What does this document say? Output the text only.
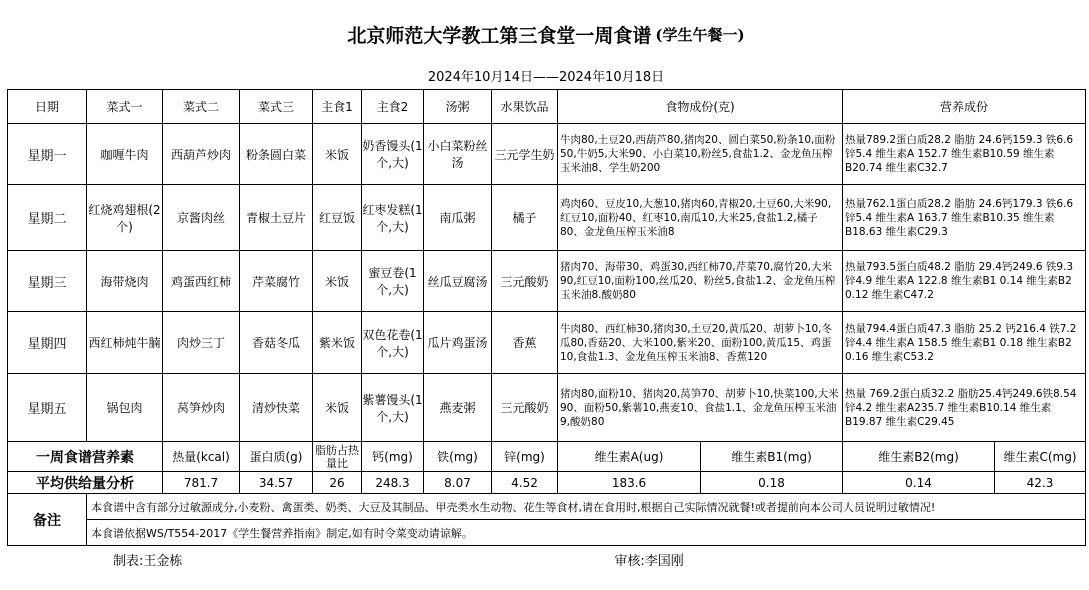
北京师范大学教工第三食堂一周食谱 (学生午餐一)
2024年10月14日——2024年10月18日
日期	菜式一	菜式二	菜式三	主食1	主食2	汤粥	水果饮品	食物成份(克)		营养成份	
星期一	咖喱牛肉	西葫芦炒肉	粉条圆白菜	米饭	奶香馒头(1个,大)	小白菜粉丝汤	三元学生奶	牛肉80,土豆20,西葫芦80,猪肉20、圆白菜50,粉条10,面粉50,牛奶5,大米90、小白菜10,粉丝5,食盐1.2、金龙鱼压榨玉米油8、学生奶200		热量789.2蛋白质28.2 脂肪 24.6钙159.3 铁6.6锌5.4 维生素A 152.7 维生素B10.59 维生素B20.74 维生素C32.7	
星期二	红烧鸡翅根(2个)	京酱肉丝	青椒土豆片	红豆饭	红枣发糕(1个,大)	南瓜粥	橘子	鸡肉60、豆皮10,大葱10,猪肉60,青椒20,土豆60,大米90,红豆10,面粉40、红枣10,南瓜10,大米25,食盐1.2,橘子80、金龙鱼压榨玉米油8		热量762.1蛋白质28.2 脂肪 24.6钙179.3 铁6.6锌5.4 维生素A 163.7 维生素B10.35 维生素B18.63 维生素C29.3	
星期三	海带烧肉	鸡蛋西红柿	芹菜腐竹	米饭	蜜豆卷(1个,大)	丝瓜豆腐汤	三元酸奶	猪肉70、海带30、鸡蛋30,西红柿70,芹菜70,腐竹20,大米90,红豆10,面粉100,丝瓜20、粉丝5,食盐1.2、金龙鱼压榨玉米油8.酸奶80		热量793.5蛋白质48.2 脂肪 29.4钙249.6 铁9.3 锌4.9 维生素A 122.8 维生素B1 0.14 维生素B2 0.12 维生素C47.2	
星期四	西红柿炖牛腩	肉炒三丁	香菇冬瓜	紫米饭	双色花卷(1个,大)	瓜片鸡蛋汤	香蕉	牛肉80、西红柿30,猪肉30,土豆20,黄瓜20、胡萝卜10,冬瓜80,香菇20、大米100,紫米20、面粉100,黄瓜15、鸡蛋10,食盐1.3、金龙鱼压榨玉米油8、香蕉120		热量794.4蛋白质47.3 脂肪 25.2 钙216.4 铁7.2 锌4.4 维生素A 158.5 维生素B1 0.18 维生素B2 0.16 维生素C53.2	
星期五	锅包肉	莴笋炒肉	清炒快菜	米饭	紫薯馒头(1个,大)	燕麦粥	三元酸奶	猪肉80,面粉10、猪肉20,莴笋70、胡萝卜10,快菜100,大米90、面粉50,紫薯10,燕麦10、食盐1.1、金龙鱼压榨玉米油9,酸奶80		热量 769.2蛋白质32.2 脂肪25.4钙249.6铁8.54锌4.2 维生素A235.7 维生素B10.14 维生素B19.87 维生素C29.45	
一周食谱营养素		热量(kcal)	蛋白质(g)	脂肪占热量比	钙(mg)	铁(mg)	锌(mg)	维生素A(ug)	维生素B1(mg)	维生素B2(mg)	维生素C(mg)
平均供给量分析		781.7	34.57	26	248.3	8.07	4.52	183.6	0.18	0.14	42.3
备注	本食谱中含有部分过敏源成分,小麦粉、禽蛋类、奶类、大豆及其制品、甲壳类水生动物、花生等食材,请在食用时,根据自己实际情况就餐!或者提前向本公司人员说明过敏情况!										
	本食谱依据WS/T554-2017《学生餐营养指南》制定,如有时令菜变动请谅解。										
制表:王金栋	审核:李国刚
